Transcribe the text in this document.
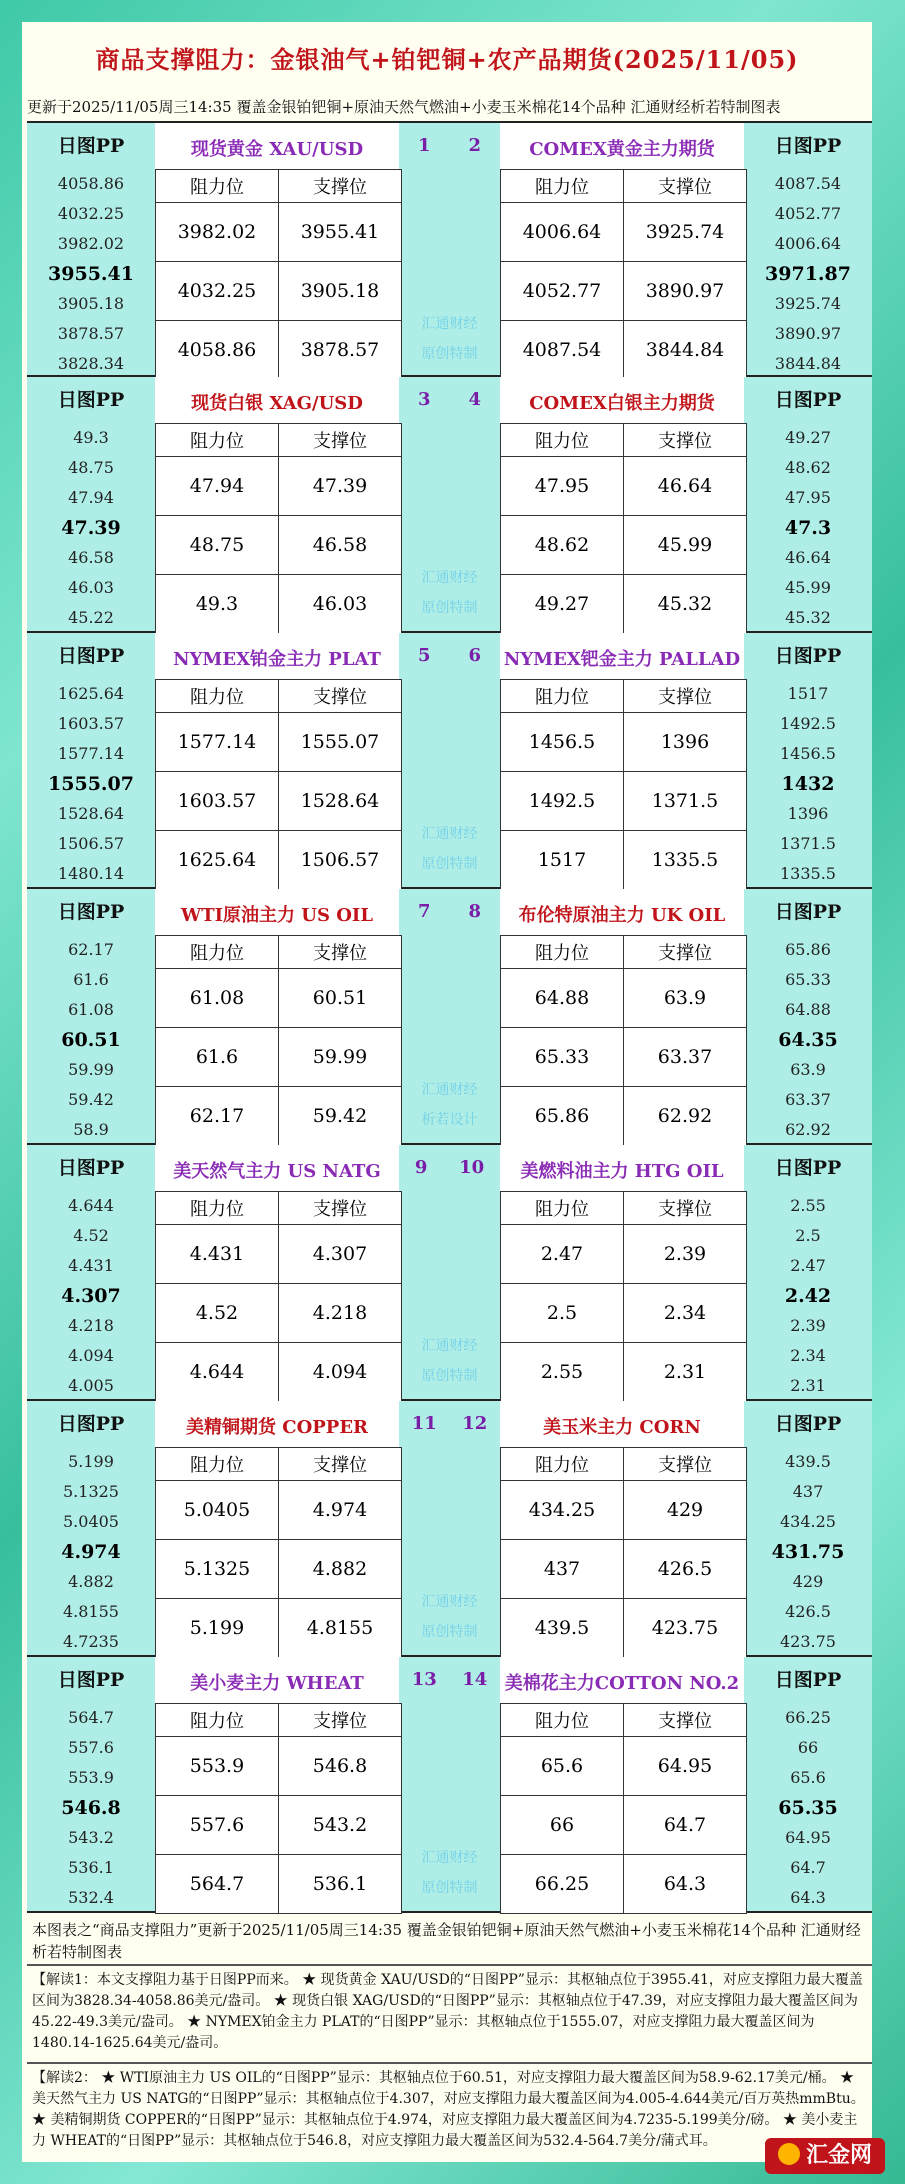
商品支撑阻力：金银油气+铂钯铜+农产品期货(2025/11/05)
更新于2025/11/05周三14:35 覆盖金银铂钯铜+原油天然气燃油+小麦玉米棉花14个品种 汇通财经析若特制图表
日图PP
4058.86
4032.25
3982.02
3955.41
3905.18
3878.57
3828.34
日图PP
4087.54
4052.77
4006.64
3971.87
3925.74
3890.97
3844.84
1 2
汇通财经
原创特制
现货黄金 XAU/USD
阻力位	支撑位
3982.02	3955.41
4032.25	3905.18
4058.86	3878.57
COMEX黄金主力期货
阻力位	支撑位
4006.64	3925.74
4052.77	3890.97
4087.54	3844.84
日图PP
49.3
48.75
47.94
47.39
46.58
46.03
45.22
日图PP
49.27
48.62
47.95
47.3
46.64
45.99
45.32
3 4
汇通财经
原创特制
现货白银 XAG/USD
阻力位	支撑位
47.94	47.39
48.75	46.58
49.3	46.03
COMEX白银主力期货
阻力位	支撑位
47.95	46.64
48.62	45.99
49.27	45.32
日图PP
1625.64
1603.57
1577.14
1555.07
1528.64
1506.57
1480.14
日图PP
1517
1492.5
1456.5
1432
1396
1371.5
1335.5
5 6
汇通财经
原创特制
NYMEX铂金主力 PLAT
阻力位	支撑位
1577.14	1555.07
1603.57	1528.64
1625.64	1506.57
NYMEX钯金主力 PALLAD
阻力位	支撑位
1456.5	1396
1492.5	1371.5
1517	1335.5
日图PP
62.17
61.6
61.08
60.51
59.99
59.42
58.9
日图PP
65.86
65.33
64.88
64.35
63.9
63.37
62.92
7 8
汇通财经
析若设计
WTI原油主力 US OIL
阻力位	支撑位
61.08	60.51
61.6	59.99
62.17	59.42
布伦特原油主力 UK OIL
阻力位	支撑位
64.88	63.9
65.33	63.37
65.86	62.92
日图PP
4.644
4.52
4.431
4.307
4.218
4.094
4.005
日图PP
2.55
2.5
2.47
2.42
2.39
2.34
2.31
9 10
汇通财经
原创特制
美天然气主力 US NATG
阻力位	支撑位
4.431	4.307
4.52	4.218
4.644	4.094
美燃料油主力 HTG OIL
阻力位	支撑位
2.47	2.39
2.5	2.34
2.55	2.31
日图PP
5.199
5.1325
5.0405
4.974
4.882
4.8155
4.7235
日图PP
439.5
437
434.25
431.75
429
426.5
423.75
11 12
汇通财经
原创特制
美精铜期货 COPPER
阻力位	支撑位
5.0405	4.974
5.1325	4.882
5.199	4.8155
美玉米主力 CORN
阻力位	支撑位
434.25	429
437	426.5
439.5	423.75
日图PP
564.7
557.6
553.9
546.8
543.2
536.1
532.4
日图PP
66.25
66
65.6
65.35
64.95
64.7
64.3
13 14
汇通财经
原创特制
美小麦主力 WHEAT
阻力位	支撑位
553.9	546.8
557.6	543.2
564.7	536.1
美棉花主力COTTON NO.2
阻力位	支撑位
65.6	64.95
66	64.7
66.25	64.3
本图表之“商品支撑阻力”更新于2025/11/05周三14:35 覆盖金银铂钯铜+原油天然气燃油+小麦玉米棉花14个品种 汇通财经析若特制图表
【解读1：本文支撑阻力基于日图PP而来。 ★ 现货黄金 XAU/USD的“日图PP”显示：其枢轴点位于3955.41，对应支撑阻力最大覆盖区间为3828.34-4058.86美元/盎司。 ★ 现货白银 XAG/USD的“日图PP”显示：其枢轴点位于47.39，对应支撑阻力最大覆盖区间为45.22-49.3美元/盎司。 ★ NYMEX铂金主力 PLAT的“日图PP”显示：其枢轴点位于1555.07，对应支撑阻力最大覆盖区间为1480.14-1625.64美元/盎司。
【解读2： ★ WTI原油主力 US OIL的“日图PP”显示：其枢轴点位于60.51，对应支撑阻力最大覆盖区间为58.9-62.17美元/桶。 ★ 美天然气主力 US NATG的“日图PP”显示：其枢轴点位于4.307，对应支撑阻力最大覆盖区间为4.005-4.644美元/百万英热mmBtu。 ★ 美精铜期货 COPPER的“日图PP”显示：其枢轴点位于4.974，对应支撑阻力最大覆盖区间为4.7235-5.199美分/磅。 ★ 美小麦主力 WHEAT的“日图PP”显示：其枢轴点位于546.8，对应支撑阻力最大覆盖区间为532.4-564.7美分/蒲式耳。
汇金网
